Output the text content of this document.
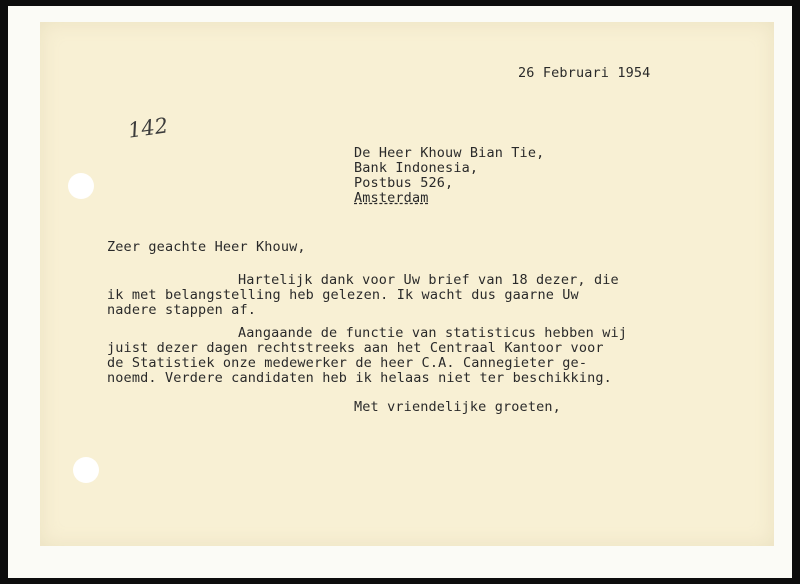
26 Februari 1954

142

De Heer Khouw Bian Tie,

Bank Indonesia,

Postbus 526,

Amsterdam

Zeer geachte Heer Khouw,

Hartelijk dank voor Uw brief van 18 dezer, die

ik met belangstelling heb gelezen. Ik wacht dus gaarne Uw

nadere stappen af.

Aangaande de functie van statisticus hebben wij

juist dezer dagen rechtstreeks aan het Centraal Kantoor voor

de Statistiek onze medewerker de heer C.A. Cannegieter ge-

noemd. Verdere candidaten heb ik helaas niet ter beschikking.

Met vriendelijke groeten,
